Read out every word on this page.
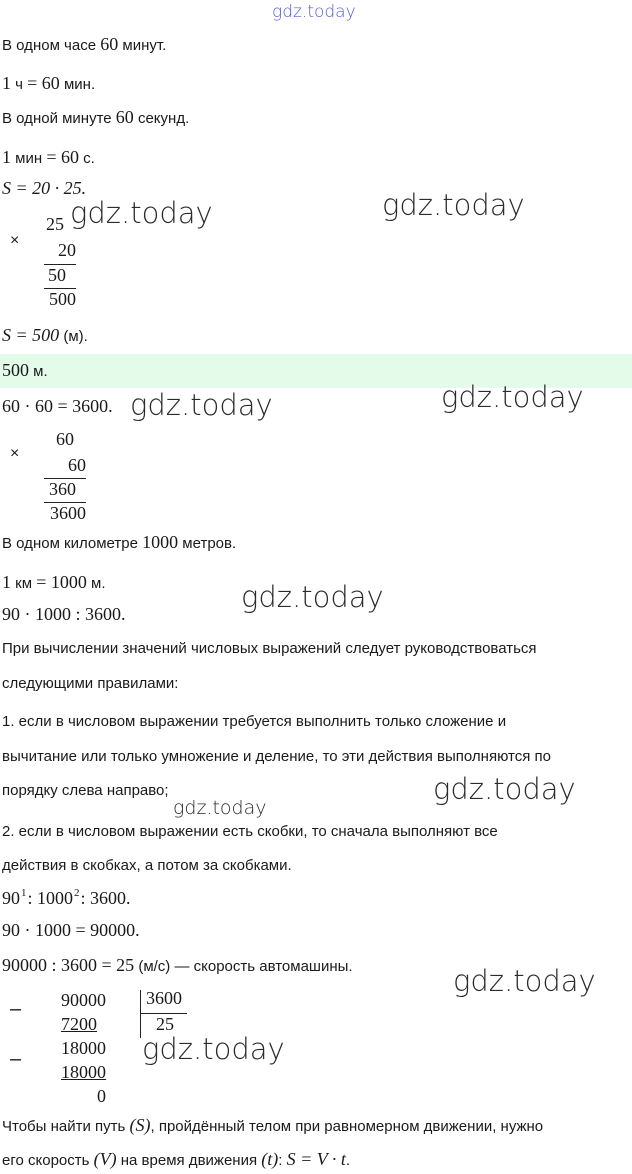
gdz.today
В одном часе 60 минут.
1 ч = 60 мин.
В одной минуте 60 секунд.
1 мин = 60 с.
S = 20 · 25.
×
25
20
50
500
S = 500 (м).
500 м.
60 · 60 = 3600.
×
60
60
360
3600
В одном километре 1000 метров.
1 км = 1000 м.
90 · 1000 : 3600.
При вычислении значений числовых выражений следует руководствоваться
следующими правилами:
1. если в числовом выражении требуется выполнить только сложение и
вычитание или только умножение и деление, то эти действия выполняются по
порядку слева направо;
2. если в числовом выражении есть скобки, то сначала выполняют все
действия в скобках, а потом за скобками.
$90^1$: 1000$^2$: 3600.
90 · 1000 = 90000.
90000 : 3600 = 25 (м/с) — скорость автомашины.
–	90000
7200
–	18000
18000
0
3600
25
Чтобы найти путь (S), пройдённый телом при равномерном движении, нужно
его скорость (V) на время движения (t): S = V · t.
gdz.today	gdz.today
gdz.today	gdz.today
gdz.today
gdz.today
gdz.today
gdz.today
gdz.today
